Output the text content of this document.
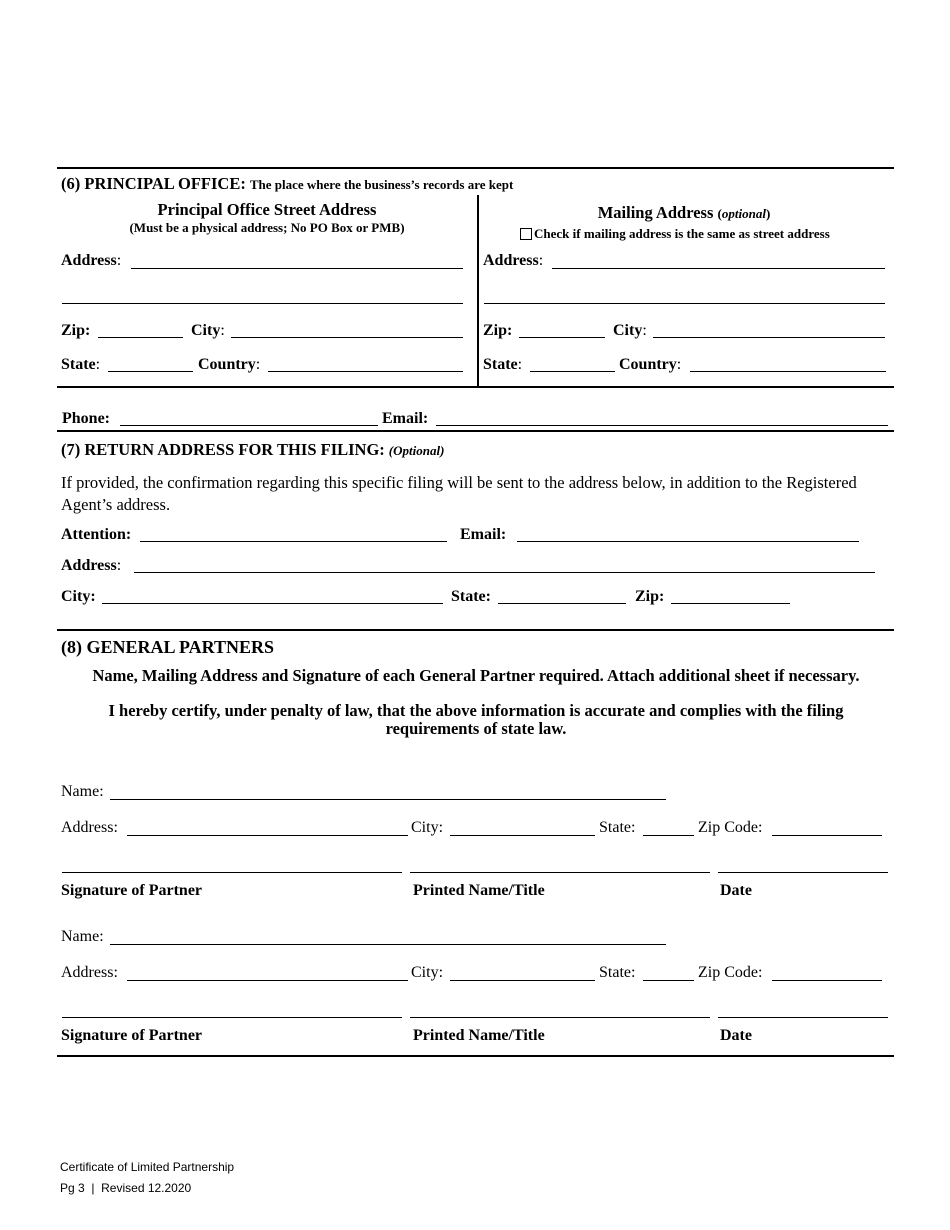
(6) PRINCIPAL OFFICE: The place where the business’s records are kept
Principal Office Street Address
(Must be a physical address; No PO Box or PMB)
Address:
Zip:	City:
State:	Country:
Mailing Address (optional)
Check if mailing address is the same as street address
Address:
Zip:	City:
State:	Country:
Phone:	Email:
(7) RETURN ADDRESS FOR THIS FILING: (Optional)
If provided, the confirmation regarding this specific filing will be sent to the address below, in addition to the Registered Agent’s address.
Attention:	Email:
Address:
City:	State:	Zip:
(8) GENERAL PARTNERS
Name, Mailing Address and Signature of each General Partner required. Attach additional sheet if necessary.
I hereby certify, under penalty of law, that the above information is accurate and complies with the filing requirements of state law.
Name:
Address:	City:	State:	Zip Code:
Signature of Partner	Printed Name/Title	Date
Name:
Address:	City:	State:	Zip Code:
Signature of Partner	Printed Name/Title	Date
Certificate of Limited Partnership
Pg 3  |  Revised 12.2020
